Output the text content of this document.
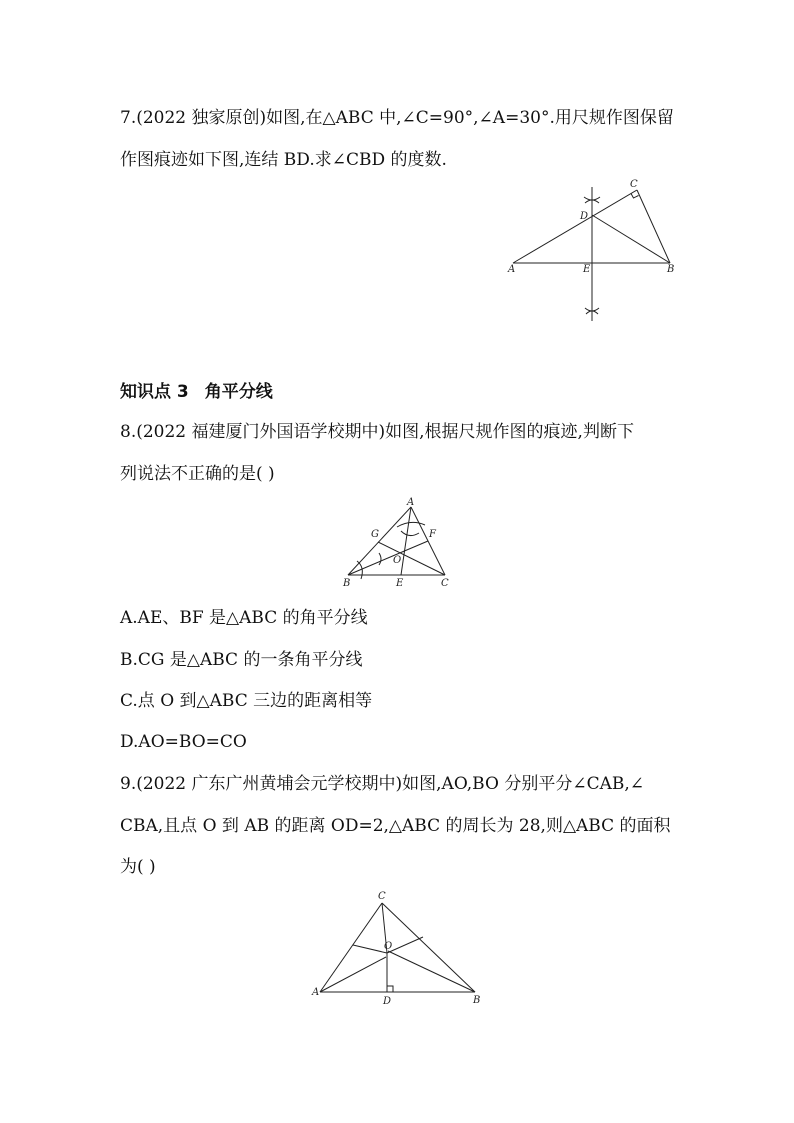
7.(2022 独家原创)如图,在△ABC 中,∠C=90°,∠A=30°.用尺规作图保留
作图痕迹如下图,连结 BD.求∠CBD 的度数.
A	E	B
C
D
知识点 3 角平分线
8.(2022 福建厦门外国语学校期中)如图,根据尺规作图的痕迹,判断下
列说法不正确的是( )
A
G	F
O
B	E	C
A.AE、BF 是△ABC 的角平分线
B.CG 是△ABC 的一条角平分线
C.点 O 到△ABC 三边的距离相等
D.AO=BO=CO
9.(2022 广东广州黄埔会元学校期中)如图,AO,BO 分别平分∠CAB,∠
CBA,且点 O 到 AB 的距离 OD=2,△ABC 的周长为 28,则△ABC 的面积
为( )
C
O
A
D	B
